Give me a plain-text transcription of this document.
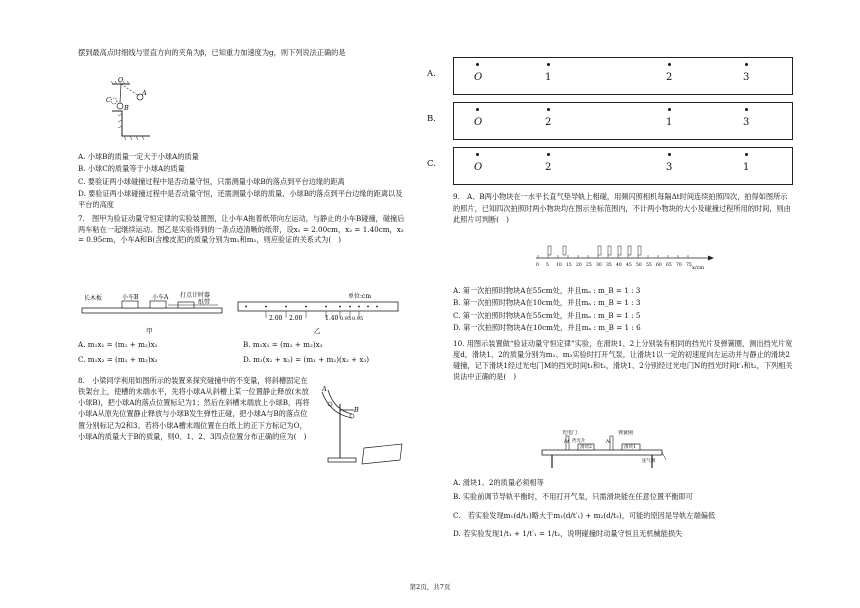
摆到最高点时细线与竖直方向的夹角为β，已知重力加速度为g，则下列说法正确的是

O
A
C
B

A. 小球B的质量一定大于小球A的质量

B. 小球C的质量等于小球A的质量

C. 要验证两小球碰撞过程中是否动量守恒，只需测量小球B的落点到平台边缘的距离

D. 要验证两小球碰撞过程中是否动量守恒，还需测量小球的质量、小球B的落点到平台边缘的距离以及平台的高度

7.　图甲为验证动量守恒定律的实验装置图，让小车A拖着纸带向左运动，与静止的小车B碰撞，碰撞后两车粘在一起继续运动。图乙是实验得到的一条点迹清晰的纸带，设x₁ = 2.00cm，x₂ = 1.40cm，x₃ = 0.95cm，小车A和B(含橡皮泥)的质量分别为m₁和m₂，则应验证的关系式为(　)

长木板	小车B 小车A 打点计时器
纸带
甲
单位:cm
2.00 2.00	1.40 0.95 0.95
乙
A. m₁x₁ = (m₁ + m₂)x₂	B. m₁x₁ = (m₁ + m₂)x₃
C. m₁x₂ = (m₁ + m₂)x₃	D. m₁(x₁ + x₂) = (m₁ + m₂)(x₂ + x₃)
8.　小梁同学利用如图所示的装置来探究碰撞中的不变量，将斜槽固定在铁架台上，使槽的末端水平，先将小球A从斜槽上某一位置静止释放(未放小球B)，把小球A的落点位置标记为1；然后在斜槽末端放上小球B，再将小球A从原先位置静止释放与小球B发生弹性正碰，把小球A与B的落点位置分别标记为2和3。若将小球A槽末端位置在白纸上的正下方标记为O，小球A的质量大于B的质量，则0、1、2、3四点位置分布正确的应为(　)
A
B
A.	O	1	2	3
B.	O	2	1	3
C.	O	2	3	1
9.　A、B两小物块在一水平长直气垫导轨上相碰，用频闪照相机每隔Δt时间连续拍照四次，拍得如图所示的照片，已知四次拍照时两小物块均在图示坐标范围内，不计两小物块的大小及碰撞过程所用的时间，则由此照片可判断(　)
x/cm
0 5 10 15 20 25 30 35 40 45 50 55 60 65 70 75

A. 第一次拍照时物块A在55cm处，并且mₐ : m_B = 1 : 3

B. 第一次拍照时物块A在10cm处，并且mₐ : m_B = 1 : 3

C. 第一次拍照时物块A在55cm处，并且mₐ : m_B = 1 : 5

D. 第一次拍照时物块A在10cm处，并且mₐ : m_B = 1 : 6

10. 用图示装置做“验证动量守恒定律”实验，在滑块1、2上分别装有相同的挡光片及弹簧圈，测出挡光片宽度d，滑块1、2的质量分别为m₁、m₂实验时打开气泵，让滑块1以一定的初速度向左运动并与静止的滑块2碰撞，记下滑块1经过光电门M的挡光时间t₁和t₂，滑块1、2分别经过光电门N的挡光时间t′₁和t₂，下列相关说法中正确的是(　)

光电门
挡光片
滑块2	滑块1
弹簧圈
M	N
连气源

A. 滑块1、2的质量必须相等

B. 实验前调节导轨平衡时，不用打开气泵，只需滑块能在任意位置平衡即可

C.　若实验发现m₁(d/t₁)略大于m₁(d/t′₁) + m₂(d/t₂)，可能的原因是导轨左端偏低

D. 若实验发现1/t₁ + 1/t′₁ = 1/t₂，说明碰撞时动量守恒且无机械能损失

第2页，共7页
